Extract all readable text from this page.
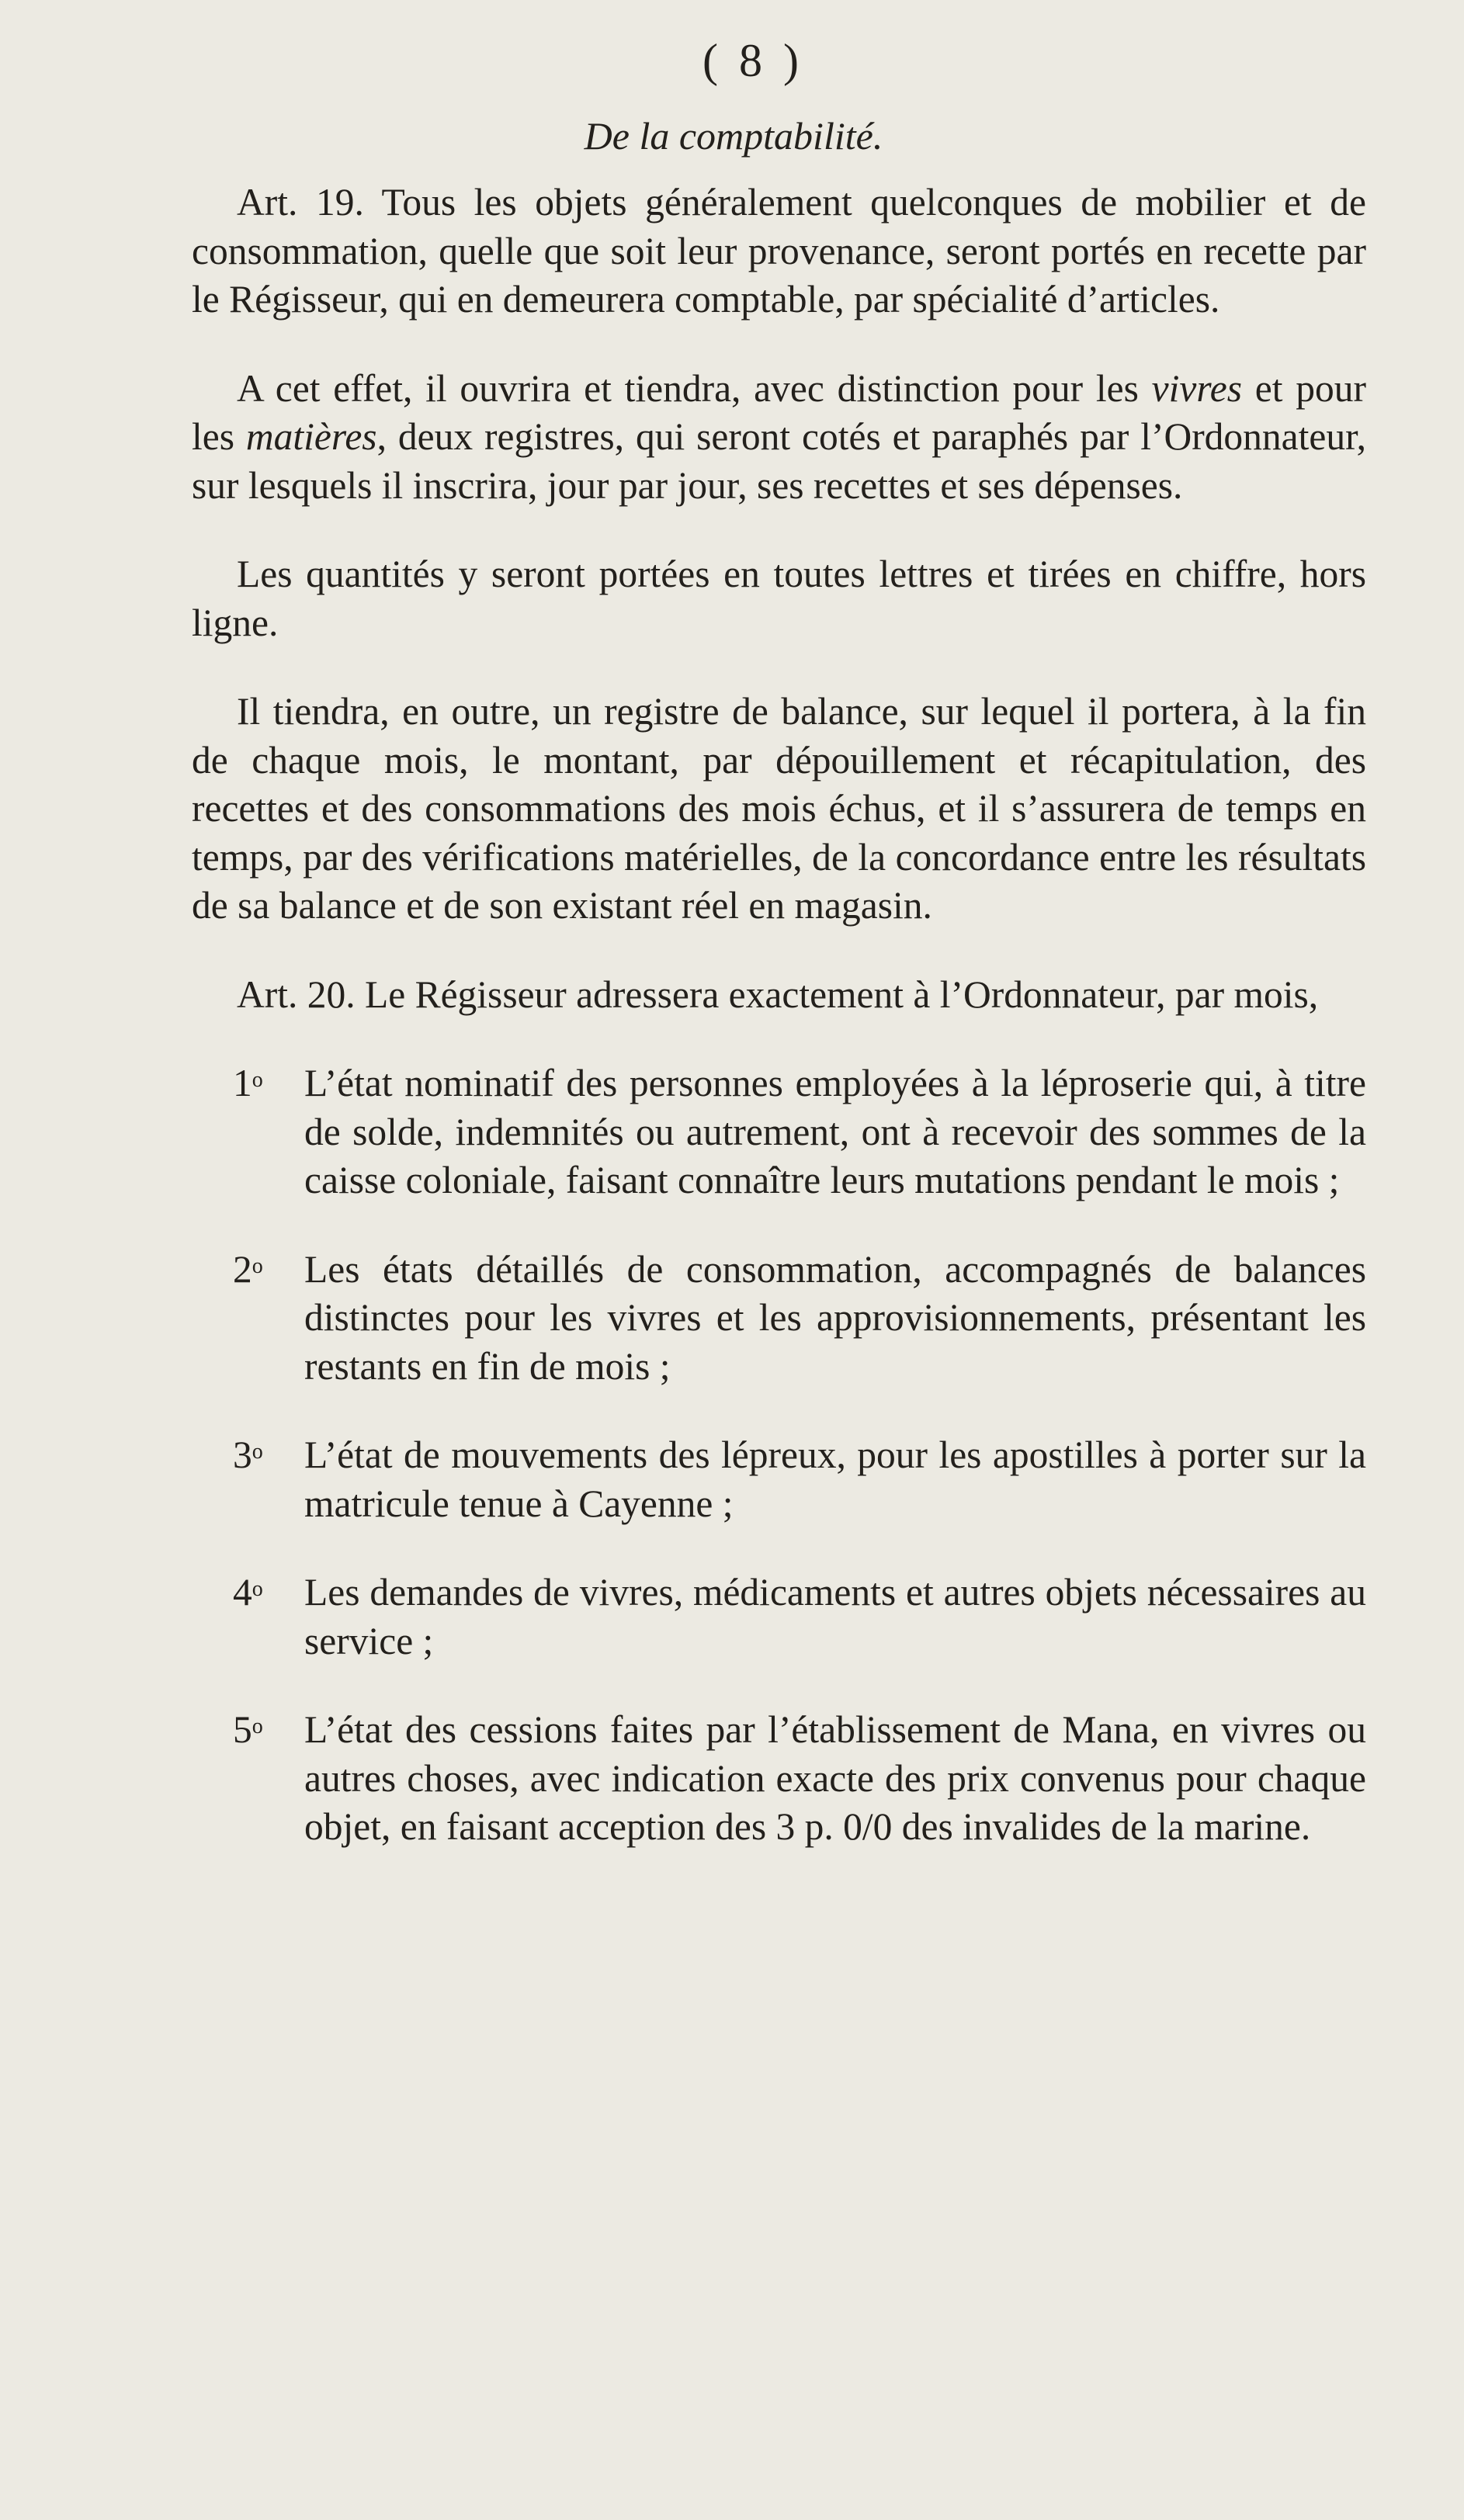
( 8 )
De la comptabilité.

Art. 19. Tous les objets généralement quelconques de mobilier et de consommation, quelle que soit leur provenance, seront portés en recette par le Régisseur, qui en demeurera comptable, par spécialité d’articles.

A cet effet, il ouvrira et tiendra, avec distinction pour les vivres et pour les matières, deux registres, qui seront cotés et paraphés par l’Ordonnateur, sur lesquels il inscrira, jour par jour, ses recettes et ses dépenses.

Les quantités y seront portées en toutes lettres et tirées en chiffre, hors ligne.

Il tiendra, en outre, un registre de balance, sur lequel il portera, à la fin de chaque mois, le montant, par dépouillement et récapitulation, des recettes et des consommations des mois échus, et il s’assurera de temps en temps, par des vérifications matérielles, de la concordance entre les résultats de sa balance et de son existant réel en magasin.

Art. 20. Le Régisseur adressera exactement à l’Ordonnateur, par mois,

1$^o$ L’état nominatif des personnes employées à la léproserie qui, à titre de solde, indemnités ou autrement, ont à recevoir des sommes de la caisse coloniale, faisant connaître leurs mutations pendant le mois ;
2$^o$ Les états détaillés de consommation, accompagnés de balances distinctes pour les vivres et les approvisionnements, présentant les restants en fin de mois ;
3$^o$ L’état de mouvements des lépreux, pour les apostilles à porter sur la matricule tenue à Cayenne ;
4$^o$ Les demandes de vivres, médicaments et autres objets nécessaires au service ;
5$^o$ L’état des cessions faites par l’établissement de Mana, en vivres ou autres choses, avec indication exacte des prix convenus pour chaque objet, en faisant acception des 3 p. 0/0 des invalides de la marine.
